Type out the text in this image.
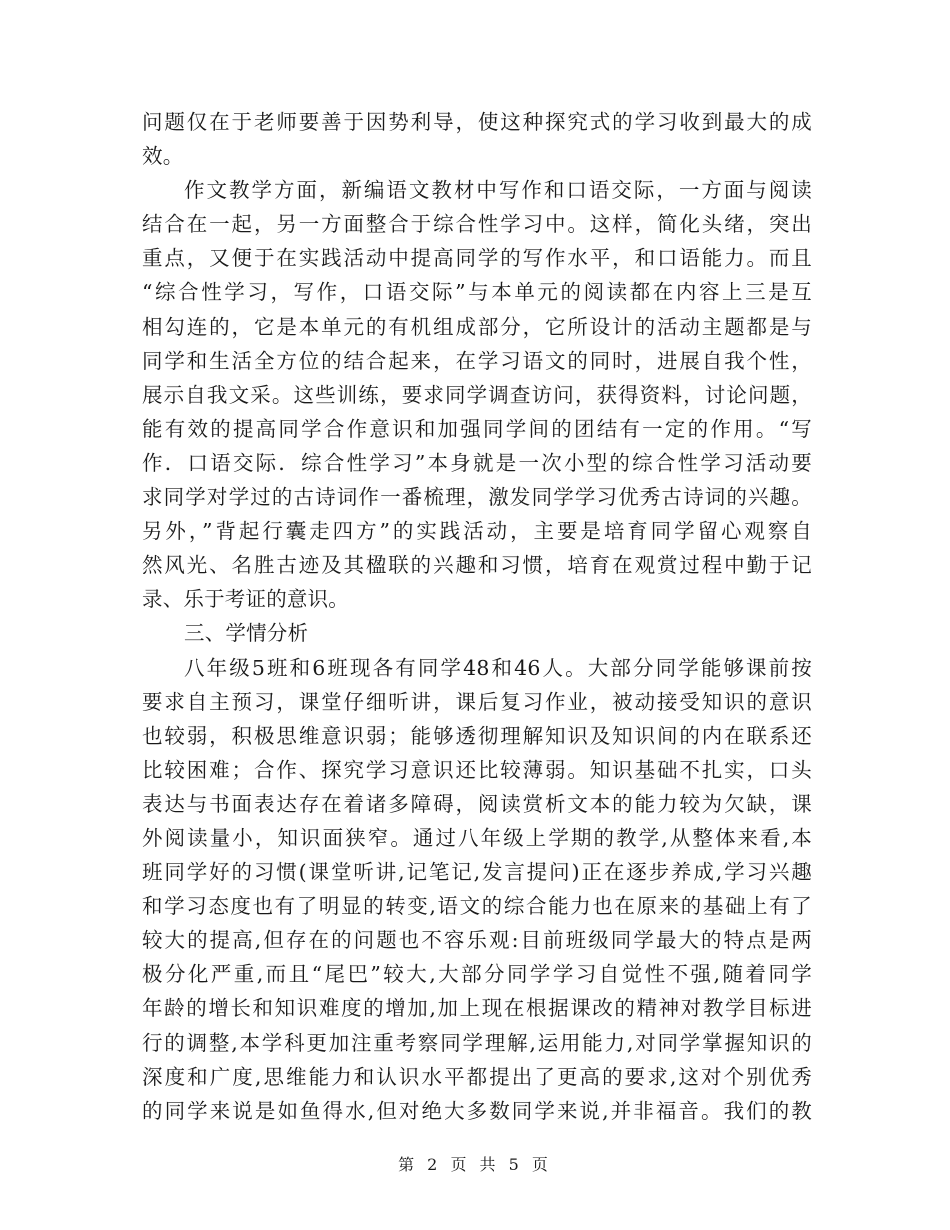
问题仅在于老师要善于因势利导，使这种探究式的学习收到最大的成
效。
作文教学方面，新编语文教材中写作和口语交际，一方面与阅读
结合在一起，另一方面整合于综合性学习中。这样，简化头绪，突出
重点，又便于在实践活动中提高同学的写作水平，和口语能力。而且
“综合性学习，写作，口语交际”与本单元的阅读都在内容上三是互
相勾连的，它是本单元的有机组成部分，它所设计的活动主题都是与
同学和生活全方位的结合起来，在学习语文的同时，进展自我个性，
展示自我文采。这些训练，要求同学调查访问，获得资料，讨论问题，
能有效的提高同学合作意识和加强同学间的团结有一定的作用。“写
作．口语交际．综合性学习”本身就是一次小型的综合性学习活动要
求同学对学过的古诗词作一番梳理，激发同学学习优秀古诗词的兴趣。
另外，”背起行囊走四方”的实践活动，主要是培育同学留心观察自
然风光、名胜古迹及其楹联的兴趣和习惯，培育在观赏过程中勤于记
录、乐于考证的意识。
三、学情分析
八年级5班和6班现各有同学48和46人。大部分同学能够课前按
要求自主预习，课堂仔细听讲，课后复习作业，被动接受知识的意识
也较弱，积极思维意识弱；能够透彻理解知识及知识间的内在联系还
比较困难；合作、探究学习意识还比较薄弱。知识基础不扎实，口头
表达与书面表达存在着诸多障碍，阅读赏析文本的能力较为欠缺，课
外阅读量小，知识面狭窄。通过八年级上学期的教学,从整体来看,本
班同学好的习惯(课堂听讲,记笔记,发言提问)正在逐步养成,学习兴趣
和学习态度也有了明显的转变,语文的综合能力也在原来的基础上有了
较大的提高,但存在的问题也不容乐观:目前班级同学最大的特点是两
极分化严重,而且“尾巴”较大,大部分同学学习自觉性不强,随着同学
年龄的增长和知识难度的增加,加上现在根据课改的精神对教学目标进
行的调整,本学科更加注重考察同学理解,运用能力,对同学掌握知识的
深度和广度,思维能力和认识水平都提出了更高的要求,这对个别优秀
的同学来说是如鱼得水,但对绝大多数同学来说,并非福音。我们的教
第 2 页 共 5 页
